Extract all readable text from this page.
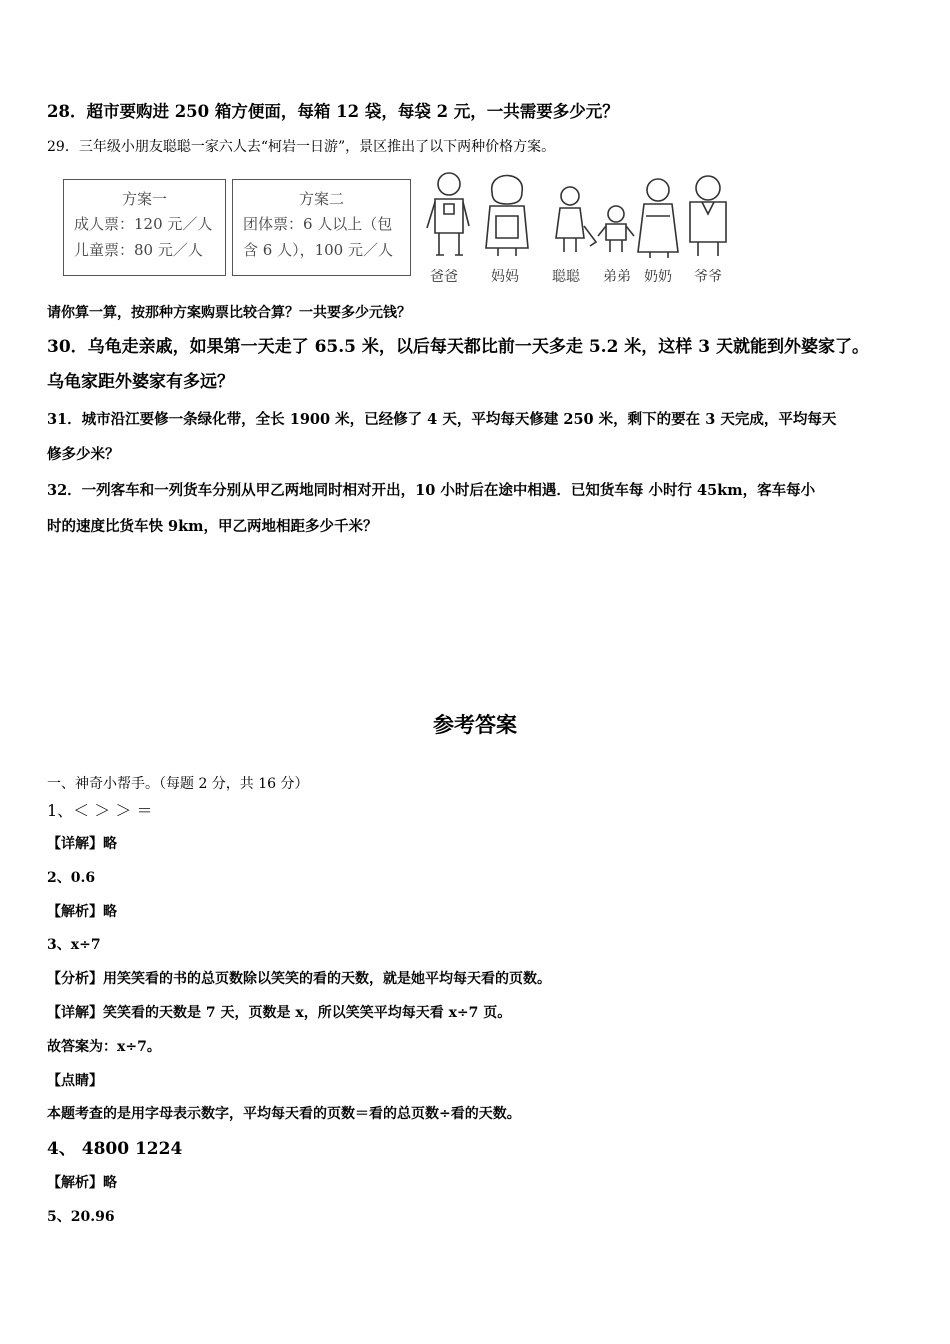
28．超市要购进 250 箱方便面，每箱 12 袋，每袋 2 元，一共需要多少元？
29．三年级小朋友聪聪一家六人去“柯岩一日游”，景区推出了以下两种价格方案。
方案一
成人票：120 元／人
儿童票：80 元／人
方案二
团体票：6 人以上（包
含 6 人），100 元／人
爸爸 妈妈 聪聪 弟弟 奶奶 爷爷
请你算一算，按那种方案购票比较合算？一共要多少元钱？
30．乌龟走亲戚，如果第一天走了 65.5 米，以后每天都比前一天多走 5.2 米，这样 3 天就能到外婆家了。
乌龟家距外婆家有多远？
31．城市沿江要修一条绿化带，全长 1900 米，已经修了 4 天，平均每天修建 250 米，剩下的要在 3 天完成，平均每天
修多少米？
32．一列客车和一列货车分别从甲乙两地同时相对开出，10 小时后在途中相遇．已知货车每 小时行 45km，客车每小
时的速度比货车快 9km，甲乙两地相距多少千米？
参考答案
一、神奇小帮手。（每题 2 分，共 16 分）
1、＜ ＞ ＞ ＝
【详解】略
2、0.6
【解析】略
3、x÷7
【分析】用笑笑看的书的总页数除以笑笑的看的天数，就是她平均每天看的页数。
【详解】笑笑看的天数是 7 天，页数是 x，所以笑笑平均每天看 x÷7 页。
故答案为：x÷7。
【点睛】
本题考查的是用字母表示数字，平均每天看的页数＝看的总页数÷看的天数。
4、 4800 1224
【解析】略
5、20.96
